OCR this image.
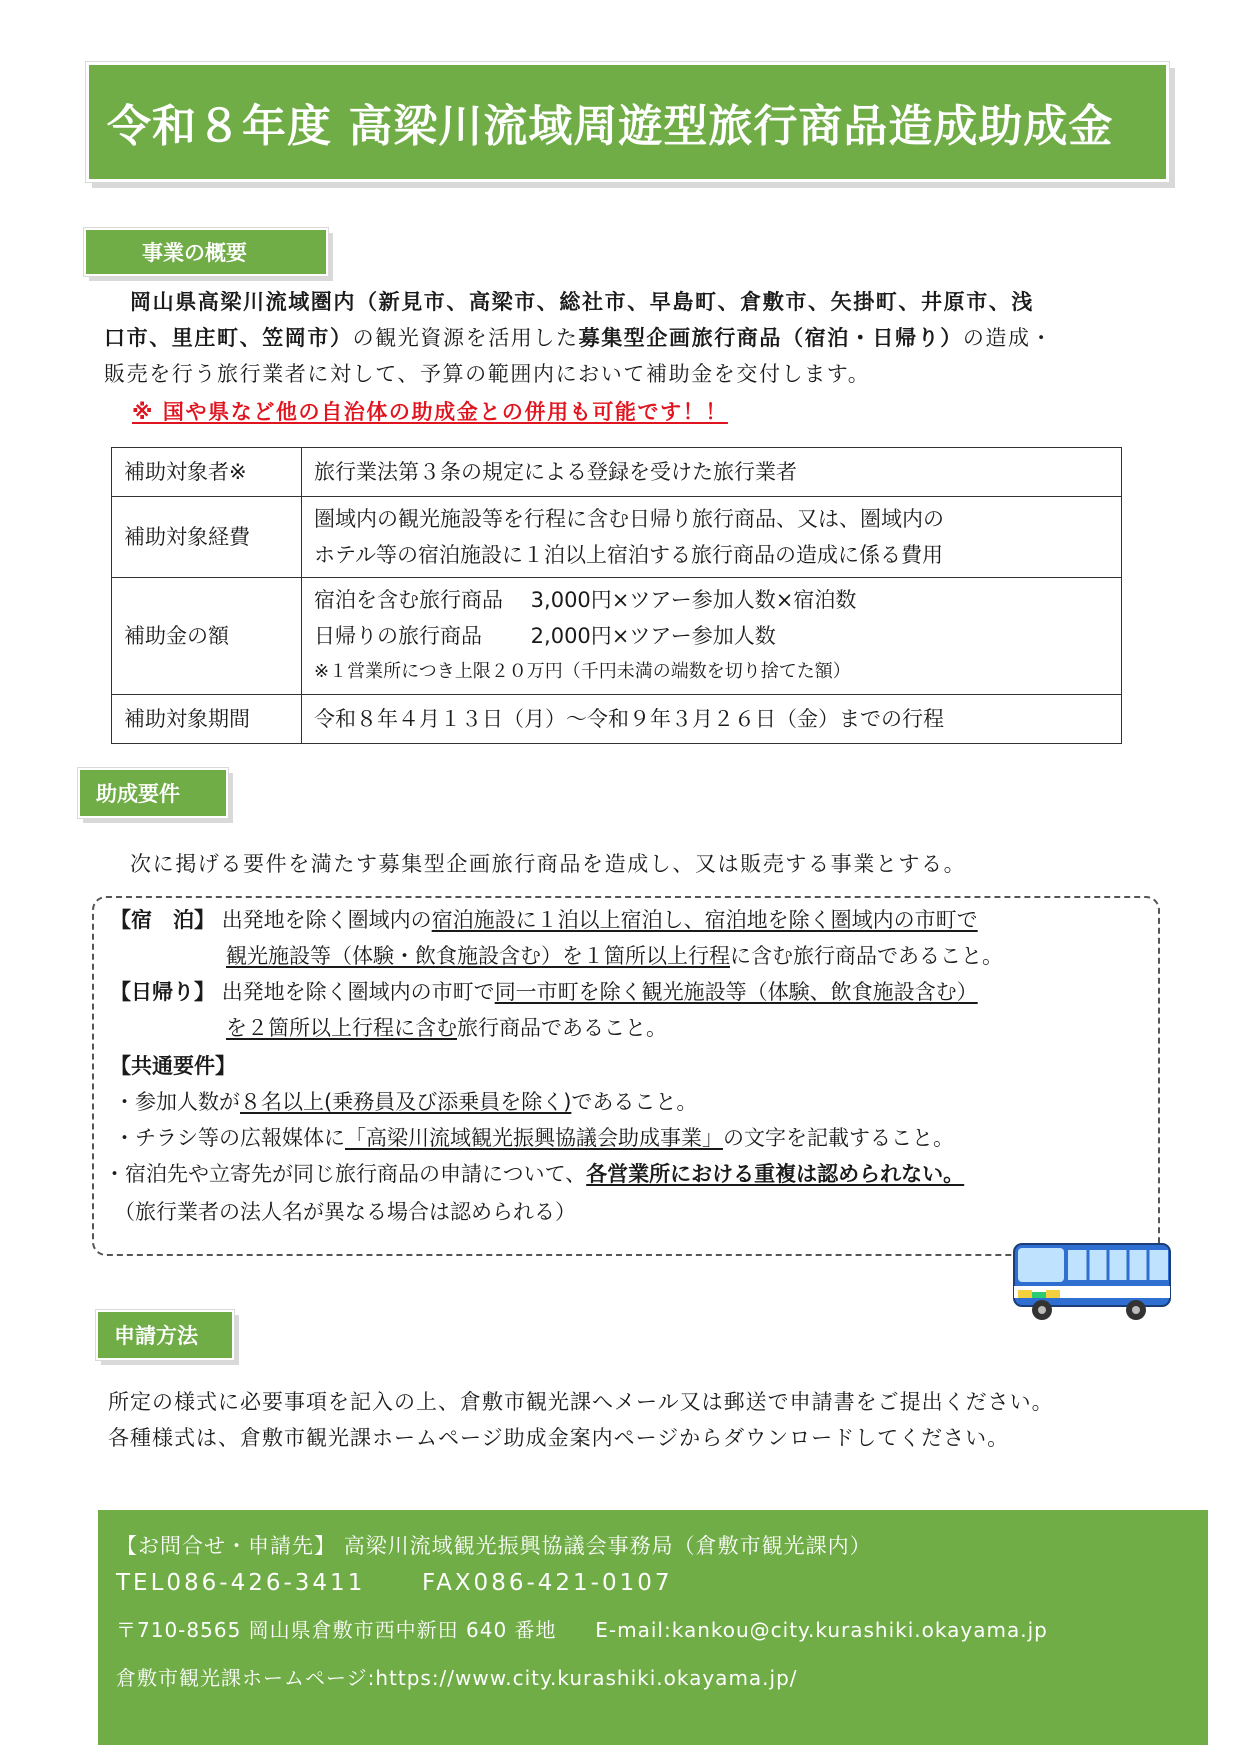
令和８年度 高梁川流域周遊型旅行商品造成助成金
事業の概要
岡山県高梁川流域圏内（新見市、高梁市、総社市、早島町、倉敷市、矢掛町、井原市、浅
口市、里庄町、笠岡市）の観光資源を活用した募集型企画旅行商品（宿泊・日帰り）の造成・
販売を行う旅行業者に対して、予算の範囲内において補助金を交付します。
※ 国や県など他の自治体の助成金との併用も可能です！！
補助対象者※	旅行業法第３条の規定による登録を受けた旅行業者

補助対象経費	圏域内の観光施設等を行程に含む日帰り旅行商品、又は、圏域内の
ホテル等の宿泊施設に１泊以上宿泊する旅行商品の造成に係る費用

補助金の額	宿泊を含む旅行商品　 3,000円×ツアー参加人数×宿泊数
日帰りの旅行商品　　 2,000円×ツアー参加人数
※１営業所につき上限２０万円（千円未満の端数を切り捨てた額）

補助対象期間	令和８年４月１３日（月）～令和９年３月２６日（金）までの行程
助成要件
次に掲げる要件を満たす募集型企画旅行商品を造成し、又は販売する事業とする。
【宿　泊】 出発地を除く圏域内の宿泊施設に１泊以上宿泊し、宿泊地を除く圏域内の市町で
観光施設等（体験・飲食施設含む）を１箇所以上行程に含む旅行商品であること。
【日帰り】 出発地を除く圏域内の市町で同一市町を除く観光施設等（体験、飲食施設含む）
を２箇所以上行程に含む旅行商品であること。
【共通要件】
・参加人数が８名以上(乗務員及び添乗員を除く)であること。
・チラシ等の広報媒体に「高梁川流域観光振興協議会助成事業」の文字を記載すること。
・宿泊先や立寄先が同じ旅行商品の申請について、各営業所における重複は認められない。
（旅行業者の法人名が異なる場合は認められる）
申請方法
所定の様式に必要事項を記入の上、倉敷市観光課へメール又は郵送で申請書をご提出ください。
各種様式は、倉敷市観光課ホームページ助成金案内ページからダウンロードしてください。
【お問合せ・申請先】 高梁川流域観光振興協議会事務局（倉敷市観光課内）
TEL086-426-3411 FAX086-421-0107
〒710-8565 岡山県倉敷市西中新田 640 番地 E-mail:kankou@city.kurashiki.okayama.jp
倉敷市観光課ホームページ:https://www.city.kurashiki.okayama.jp/
